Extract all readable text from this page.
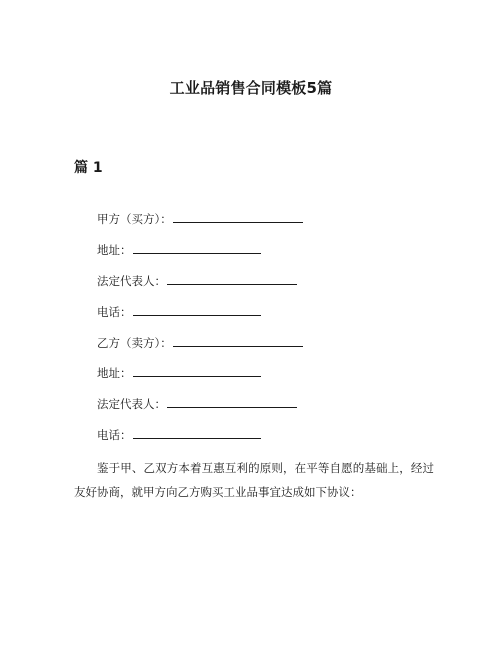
工业品销售合同模板5篇
篇 1
甲方（买方）：
地址：
法定代表人：
电话：
乙方（卖方）：
地址：
法定代表人：
电话：
鉴于甲、乙双方本着互惠互利的原则，在平等自愿的基础上，经过友好协商，就甲方向乙方购买工业品事宜达成如下协议：
